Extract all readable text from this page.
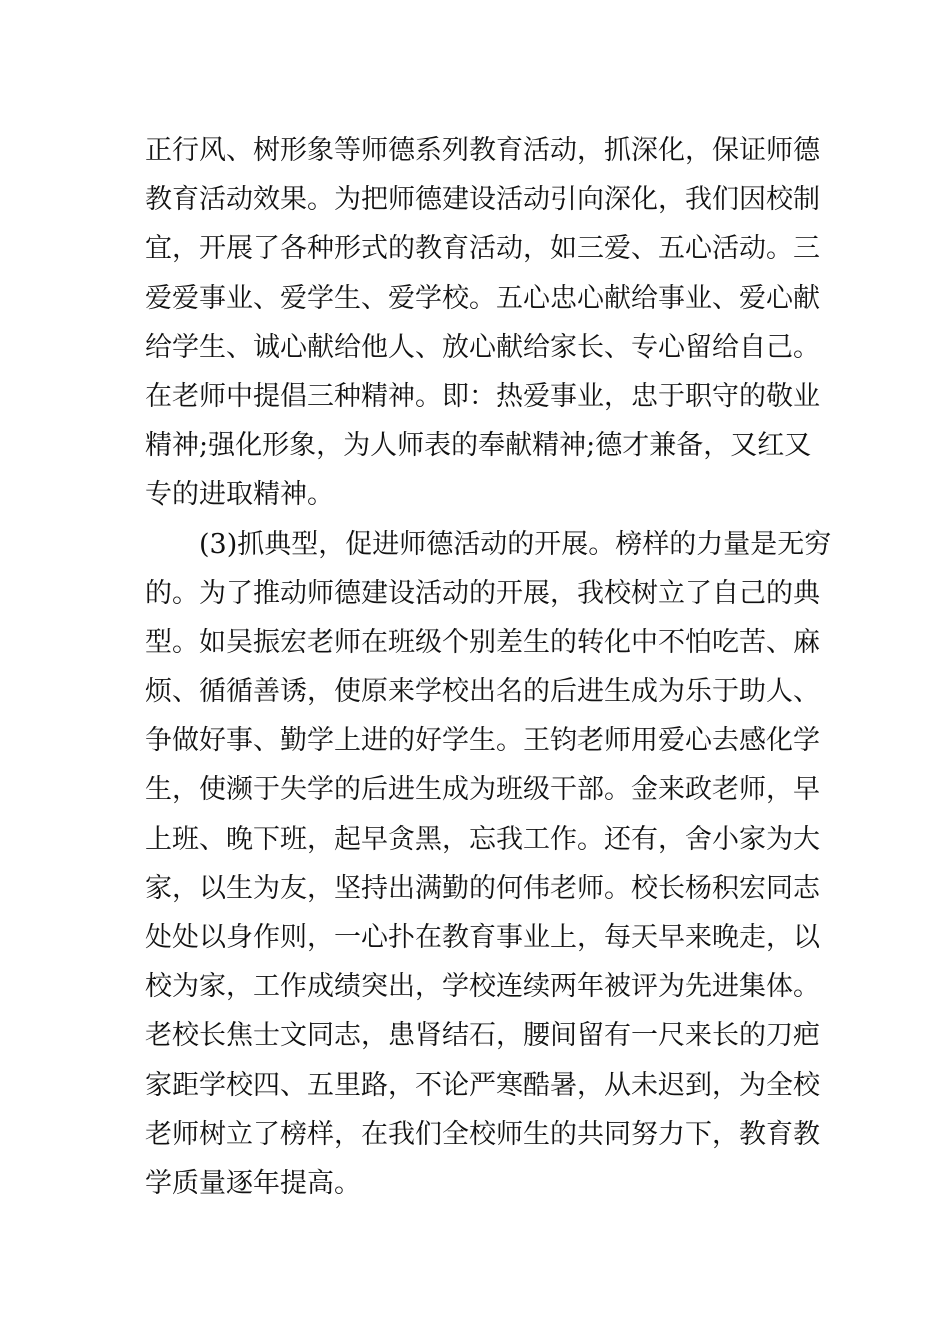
正行风、树形象等师德系列教育活动，抓深化，保证师德
教育活动效果。为把师德建设活动引向深化，我们因校制
宜，开展了各种形式的教育活动，如三爱、五心活动。三
爱爱事业、爱学生、爱学校。五心忠心献给事业、爱心献
给学生、诚心献给他人、放心献给家长、专心留给自己。
在老师中提倡三种精神。即：热爱事业，忠于职守的敬业
精神;强化形象，为人师表的奉献精神;德才兼备，又红又
专的进取精神。
(3)抓典型，促进师德活动的开展。榜样的力量是无穷
的。为了推动师德建设活动的开展，我校树立了自己的典
型。如吴振宏老师在班级个别差生的转化中不怕吃苦、麻
烦、循循善诱，使原来学校出名的后进生成为乐于助人、
争做好事、勤学上进的好学生。王钧老师用爱心去感化学
生，使濒于失学的后进生成为班级干部。金来政老师，早
上班、晚下班，起早贪黑，忘我工作。还有，舍小家为大
家，以生为友，坚持出满勤的何伟老师。校长杨积宏同志
处处以身作则，一心扑在教育事业上，每天早来晚走，以
校为家，工作成绩突出，学校连续两年被评为先进集体。
老校长焦士文同志，患肾结石，腰间留有一尺来长的刀疤
家距学校四、五里路，不论严寒酷暑，从未迟到，为全校
老师树立了榜样，在我们全校师生的共同努力下，教育教
学质量逐年提高。
